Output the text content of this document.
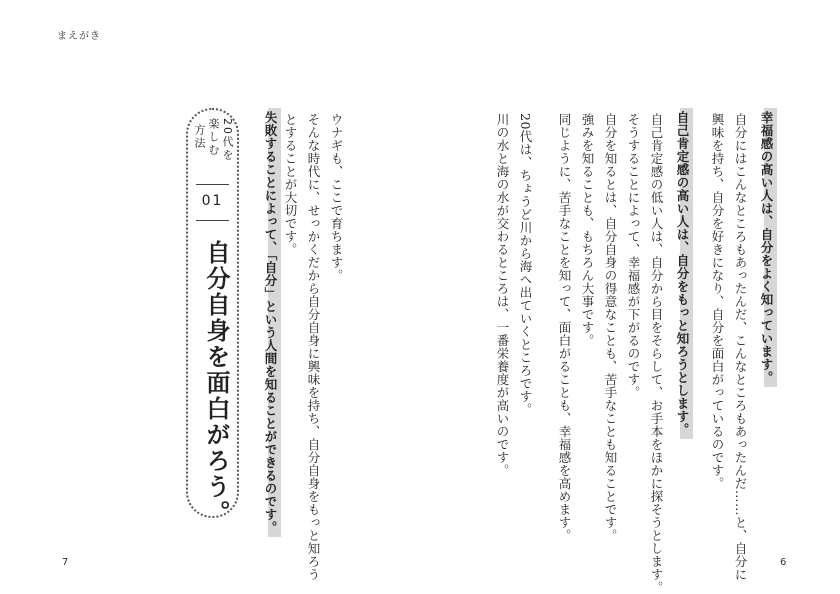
まえがき
幸福感の高い人は、自分をよく知っています。
自分にはこんなところもあったんだ、こんなところもあったんだ……と、自分に
興味を持ち、自分を好きになり、自分を面白がっているのです。
自己肯定感の高い人は、自分をもっと知ろうとします。
自己肯定感の低い人は、自分から目をそらして、お手本をほかに探そうとします。
そうすることによって、幸福感が下がるのです。
自分を知るとは、自分自身の得意なことも、苦手なことも知ることです。
強みを知ることも、もちろん大事です。
同じように、苦手なことを知って、面白がることも、幸福感を高めます。
20代は、ちょうど川から海へ出ていくところです。
川の水と海の水が交わるところは、一番栄養度が高いのです。
ウナギも、ここで育ちます。
そんな時代に、せっかくだから自分自身に興味を持ち、自分自身をもっと知ろう
とすることが大切です。
失敗することによって、「自分」という人間を知ることができるのです。
20代を
楽しむ
方法
01
自分自身を面白がろう。
7	6
